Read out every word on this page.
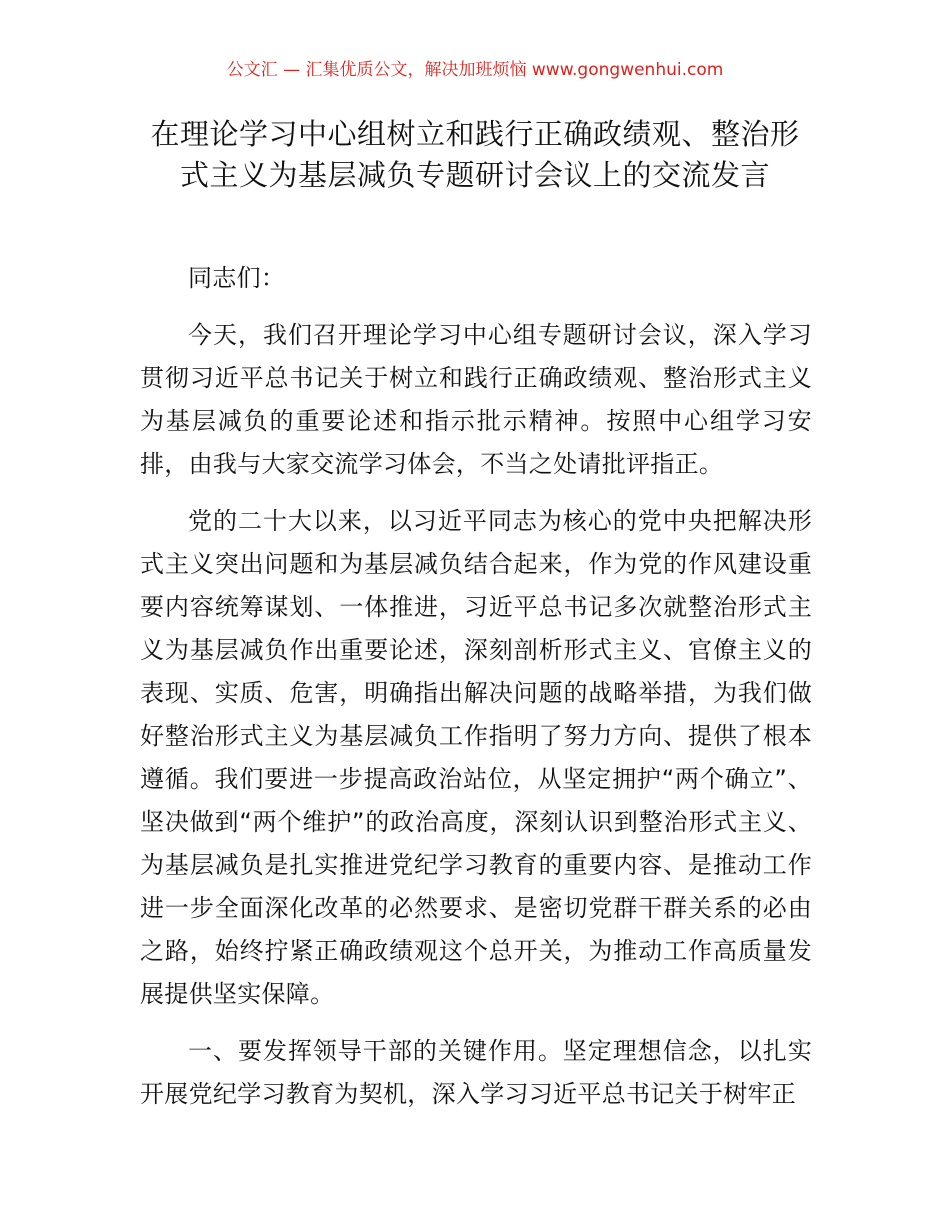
公文汇 — 汇集优质公文，解决加班烦恼 www.gongwenhui.com
在理论学习中心组树立和践行正确政绩观、整治形式主义为基层减负专题研讨会议上的交流发言

同志们：

今天，我们召开理论学习中心组专题研讨会议，深入学习贯彻习近平总书记关于树立和践行正确政绩观、整治形式主义为基层减负的重要论述和指示批示精神。按照中心组学习安排，由我与大家交流学习体会，不当之处请批评指正。

党的二十大以来，以习近平同志为核心的党中央把解决形式主义突出问题和为基层减负结合起来，作为党的作风建设重要内容统筹谋划、一体推进，习近平总书记多次就整治形式主义为基层减负作出重要论述，深刻剖析形式主义、官僚主义的表现、实质、危害，明确指出解决问题的战略举措，为我们做好整治形式主义为基层减负工作指明了努力方向、提供了根本遵循。我们要进一步提高政治站位，从坚定拥护“两个确立”、坚决做到“两个维护”的政治高度，深刻认识到整治形式主义、为基层减负是扎实推进党纪学习教育的重要内容、是推动工作进一步全面深化改革的必然要求、是密切党群干群关系的必由之路，始终拧紧正确政绩观这个总开关，为推动工作高质量发展提供坚实保障。

一、要发挥领导干部的关键作用。坚定理想信念，以扎实开展党纪学习教育为契机，深入学习习近平总书记关于树牢正
